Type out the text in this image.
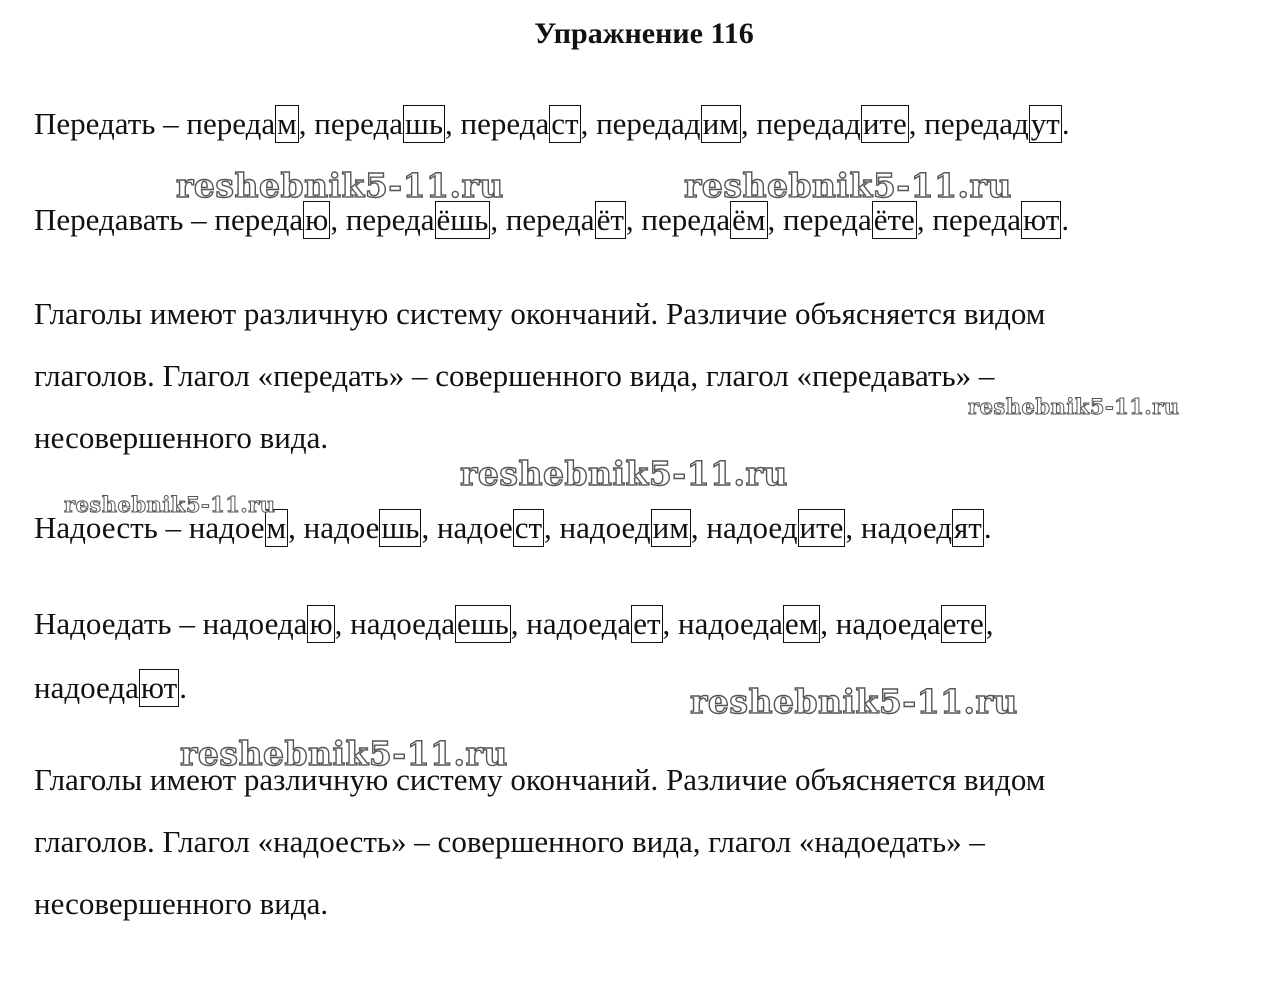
Упражнение 116
Передать – передам, передашь, передаст, передадим, передадите, передадут.
Передавать – передаю, передаёшь, передаёт, передаём, передаёте, передают.
Глаголы имеют различную систему окончаний. Различие объясняется видом
глаголов. Глагол «передать» – совершенного вида, глагол «передавать» –
несовершенного вида.
Надоесть – надоем, надоешь, надоест, надоедим, надоедите, надоедят.
Надоедать – надоедаю, надоедаешь, надоедает, надоедаем, надоедаете,
надоедают.
Глаголы имеют различную систему окончаний. Различие объясняется видом
глаголов. Глагол «надоесть» – совершенного вида, глагол «надоедать» –
несовершенного вида.
reshebnik5-11.ru	reshebnik5-11.ru
reshebnik5-11.ru
reshebnik5-11.ru
reshebnik5-11.ru
reshebnik5-11.ru
reshebnik5-11.ru
